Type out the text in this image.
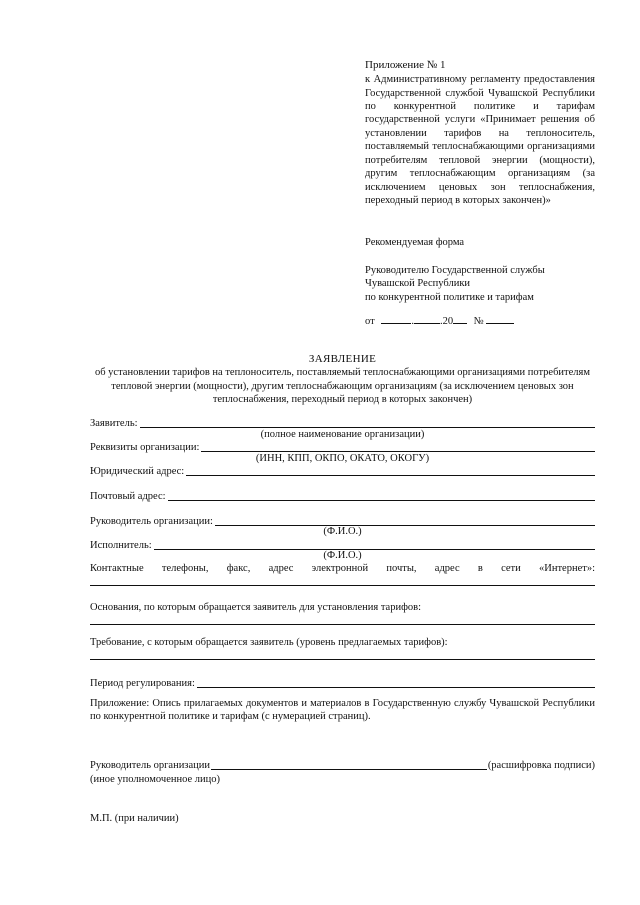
Приложение № 1
к Административному регламенту предоставления Государственной службой Чувашской Республики по конкурентной политике и тарифам государственной услуги «Принимает решения об установлении тарифов на теплоноситель, поставляемый теплоснабжающими организациями потребителям тепловой энергии (мощности), другим теплоснабжающим организациям (за исключением ценовых зон теплоснабжения, переходный период в которых закончен)»
Рекомендуемая форма
Руководителю Государственной службы
Чувашской Республики
по конкурентной политике и тарифам
от	. .20 №
ЗАЯВЛЕНИЕ
об установлении тарифов на теплоноситель, поставляемый теплоснабжающими организациями потребителям тепловой энергии (мощности), другим теплоснабжающим организациям (за исключением ценовых зон теплоснабжения, переходный период в которых закончен)
Заявитель:
(полное наименование организации)
Реквизиты организации:
(ИНН, КПП, ОКПО, ОКАТО, ОКОГУ)
Юридический адрес:
Почтовый адрес:
Руководитель организации:
(Ф.И.О.)
Исполнитель:
(Ф.И.О.)
Контактные телефоны, факс, адрес электронной почты, адрес в сети «Интернет»:
Основания, по которым обращается заявитель для установления тарифов:
Требование, с которым обращается заявитель (уровень предлагаемых тарифов):
Период регулирования:
Приложение: Опись прилагаемых документов и материалов в Государственную службу Чувашской Республики по конкурентной политике и тарифам (с нумерацией страниц).
Руководитель организации	(расшифровка подписи)
(иное уполномоченное лицо)
М.П. (при наличии)
